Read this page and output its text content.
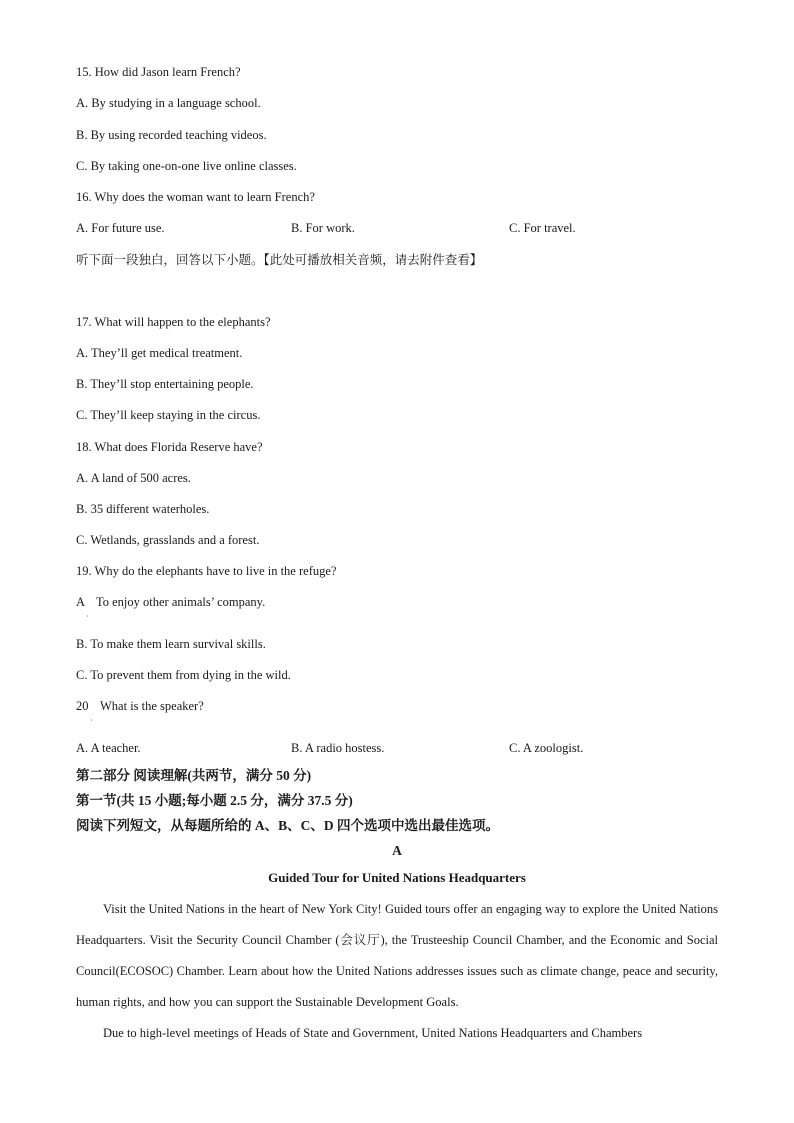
15. How did Jason learn French?
A. By studying in a language school.
B. By using recorded teaching videos.
C. By taking one-on-one live online classes.
16. Why does the woman want to learn French?
A. For future use.	B. For work.	C. For travel.
听下面一段独白，回答以下小题。【此处可播放相关音频，请去附件查看】
17. What will happen to the elephants?
A. They’ll get medical treatment.
B. They’ll stop entertaining people.
C. They’ll keep staying in the circus.
18. What does Florida Reserve have?
A. A land of 500 acres.
B. 35 different waterholes.
C. Wetlands, grasslands and a forest.
19. Why do the elephants have to live in the refuge?
A
·
To enjoy other animals’ company.
B. To make them learn survival skills.
C. To prevent them from dying in the wild.
20
·
What is the speaker?
A. A teacher.	B. A radio hostess.	C. A zoologist.
第二部分 阅读理解(共两节，满分 50 分)
第一节(共 15 小题;每小题 2.5 分，满分 37.5 分)
阅读下列短文，从每题所给的 A、B、C、D 四个选项中选出最佳选项。
A
Guided Tour for United Nations Headquarters

Visit the United Nations in the heart of New York City! Guided tours offer an engaging way to explore the United Nations Headquarters. Visit the Security Council Chamber (会议厅), the Trusteeship Council Chamber, and the Economic and Social Council(ECOSOC) Chamber. Learn about how the United Nations addresses issues such as climate change, peace and security, human rights, and how you can support the Sustainable Development Goals.

Due to high-level meetings of Heads of State and Government, United Nations Headquarters and Chambers
